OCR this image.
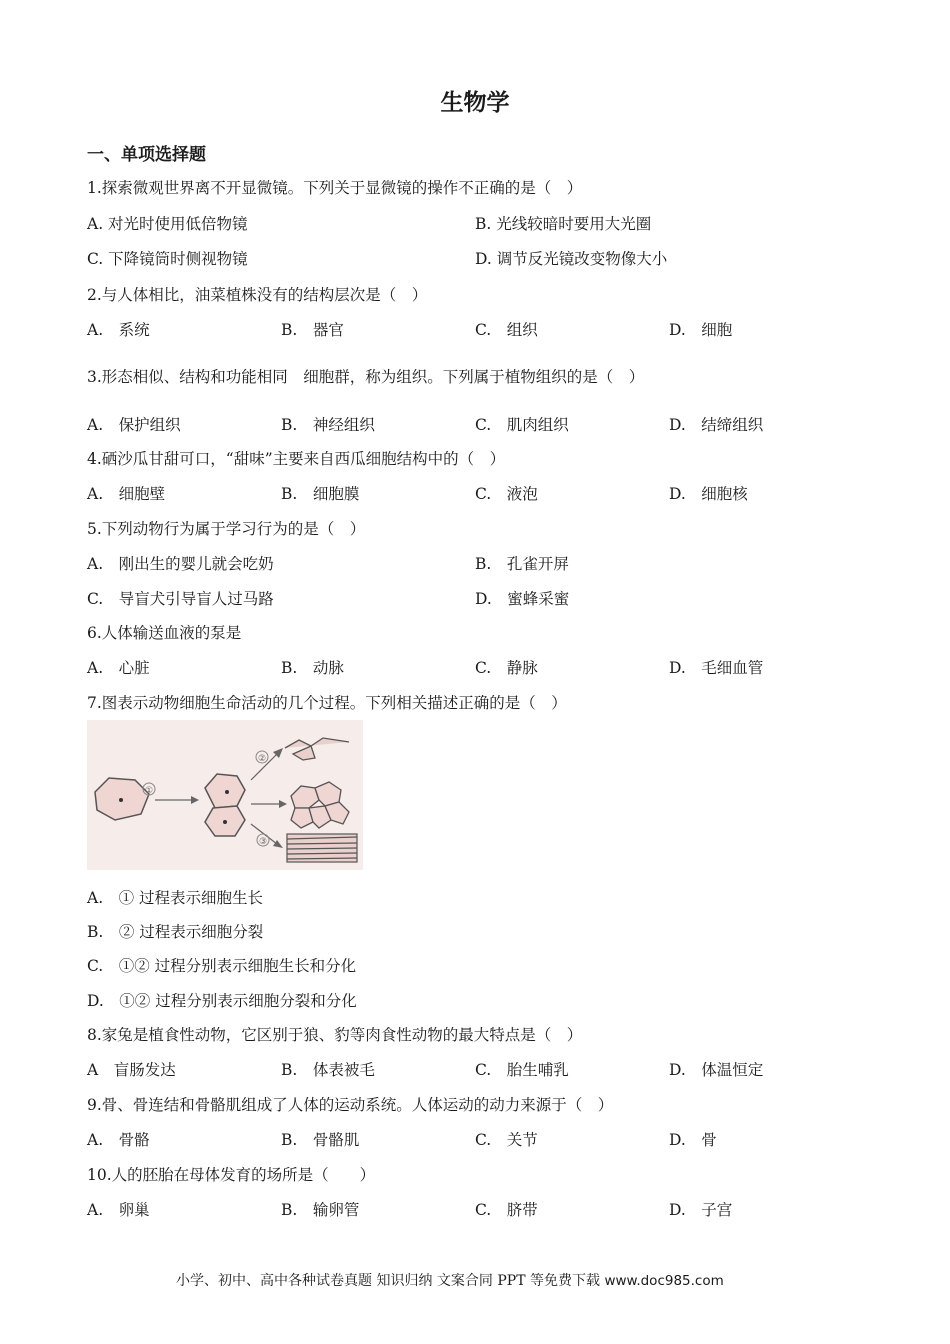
生物学
一、单项选择题
1.探索微观世界离不开显微镜。下列关于显微镜的操作不正确的是（　）
A. 对光时使用低倍物镜	B. 光线较暗时要用大光圈
C. 下降镜筒时侧视物镜	D. 调节反光镜改变物像大小
2.与人体相比，油菜植株没有的结构层次是（　）
A.　系统	B.　器官	C.　组织	D.　细胞
3.形态相似、结构和功能相同　细胞群，称为组织。下列属于植物组织的是（　）
A.　保护组织	B.　神经组织	C.　肌肉组织	D.　结缔组织
4.硒沙瓜甘甜可口，“甜味”主要来自西瓜细胞结构中的（　）
A.　细胞壁	B.　细胞膜	C.　液泡	D.　细胞核
5.下列动物行为属于学习行为的是（　）
A.　刚出生的婴儿就会吃奶	B.　孔雀开屏
C.　导盲犬引导盲人过马路	D.　蜜蜂采蜜
6.人体输送血液的泵是
A.　心脏	B.　动脉	C.　静脉	D.　毛细血管
7.图表示动物细胞生命活动的几个过程。下列相关描述正确的是（　）
①
②
③
A.　① 过程表示细胞生长
B.　② 过程表示细胞分裂
C.　①② 过程分别表示细胞生长和分化
D.　①② 过程分别表示细胞分裂和分化
8.家兔是植食性动物，它区别于狼、豹等肉食性动物的最大特点是（　）
A　盲肠发达	B.　体表被毛	C.　胎生哺乳	D.　体温恒定
9.骨、骨连结和骨骼肌组成了人体的运动系统。人体运动的动力来源于（　）
A.　骨骼	B.　骨骼肌	C.　关节	D.　骨
10.人的胚胎在母体发育的场所是（　　）
A.　卵巢	B.　输卵管	C.　脐带	D.　子宫
小学、初中、高中各种试卷真题 知识归纳 文案合同 PPT 等免费下载 www.doc985.com
